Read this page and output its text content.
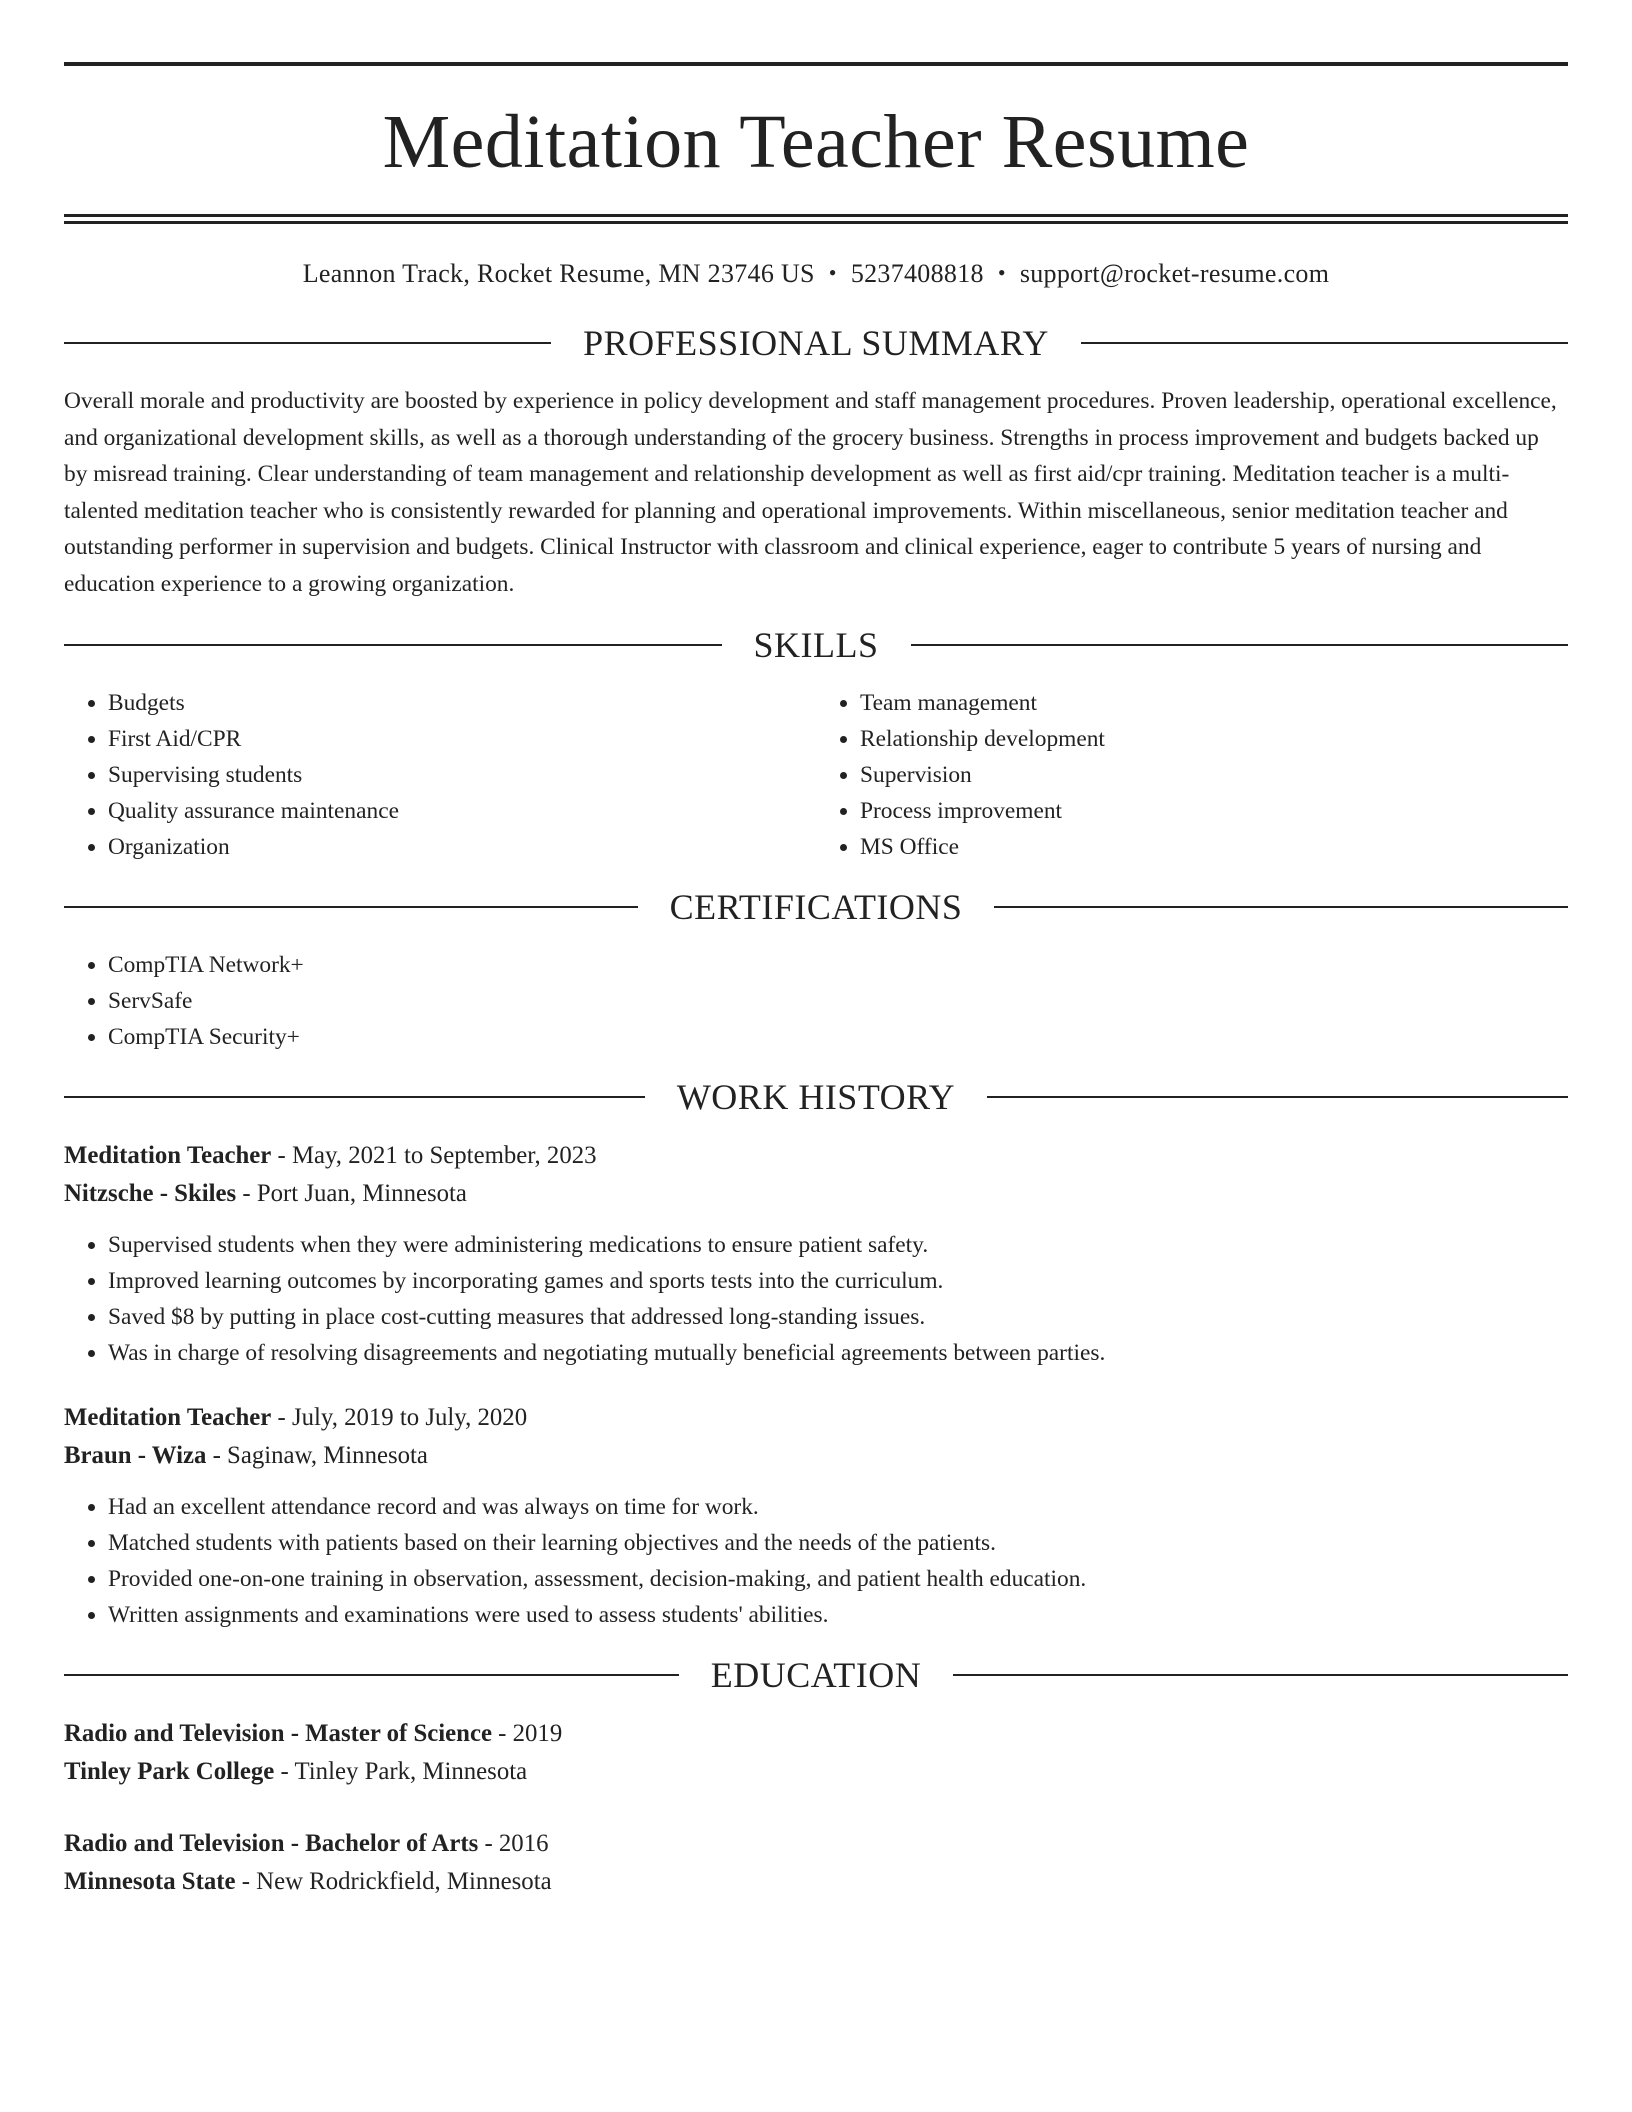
Meditation Teacher Resume
Leannon Track, Rocket Resume, MN 23746 US • 5237408818 • support@rocket-resume.com
PROFESSIONAL SUMMARY

Overall morale and productivity are boosted by experience in policy development and staff management procedures. Proven leadership, operational excellence, and organizational development skills, as well as a thorough understanding of the grocery business. Strengths in process improvement and budgets backed up by misread training. Clear understanding of team management and relationship development as well as first aid/cpr training. Meditation teacher is a multi-talented meditation teacher who is consistently rewarded for planning and operational improvements. Within miscellaneous, senior meditation teacher and outstanding performer in supervision and budgets. Clinical Instructor with classroom and clinical experience, eager to contribute 5 years of nursing and education experience to a growing organization.

SKILLS
• Budgets
• First Aid/CPR
• Supervising students
• Quality assurance maintenance
• Organization
• Team management
• Relationship development
• Supervision
• Process improvement
• MS Office
CERTIFICATIONS
• CompTIA Network+
• ServSafe
• CompTIA Security+
WORK HISTORY
Meditation Teacher - May, 2021 to September, 2023
Nitzsche - Skiles - Port Juan, Minnesota
• Supervised students when they were administering medications to ensure patient safety.
• Improved learning outcomes by incorporating games and sports tests into the curriculum.
• Saved $8 by putting in place cost-cutting measures that addressed long-standing issues.
• Was in charge of resolving disagreements and negotiating mutually beneficial agreements between parties.
Meditation Teacher - July, 2019 to July, 2020
Braun - Wiza - Saginaw, Minnesota
• Had an excellent attendance record and was always on time for work.
• Matched students with patients based on their learning objectives and the needs of the patients.
• Provided one-on-one training in observation, assessment, decision-making, and patient health education.
• Written assignments and examinations were used to assess students' abilities.
EDUCATION
Radio and Television - Master of Science - 2019
Tinley Park College - Tinley Park, Minnesota
Radio and Television - Bachelor of Arts - 2016
Minnesota State - New Rodrickfield, Minnesota
